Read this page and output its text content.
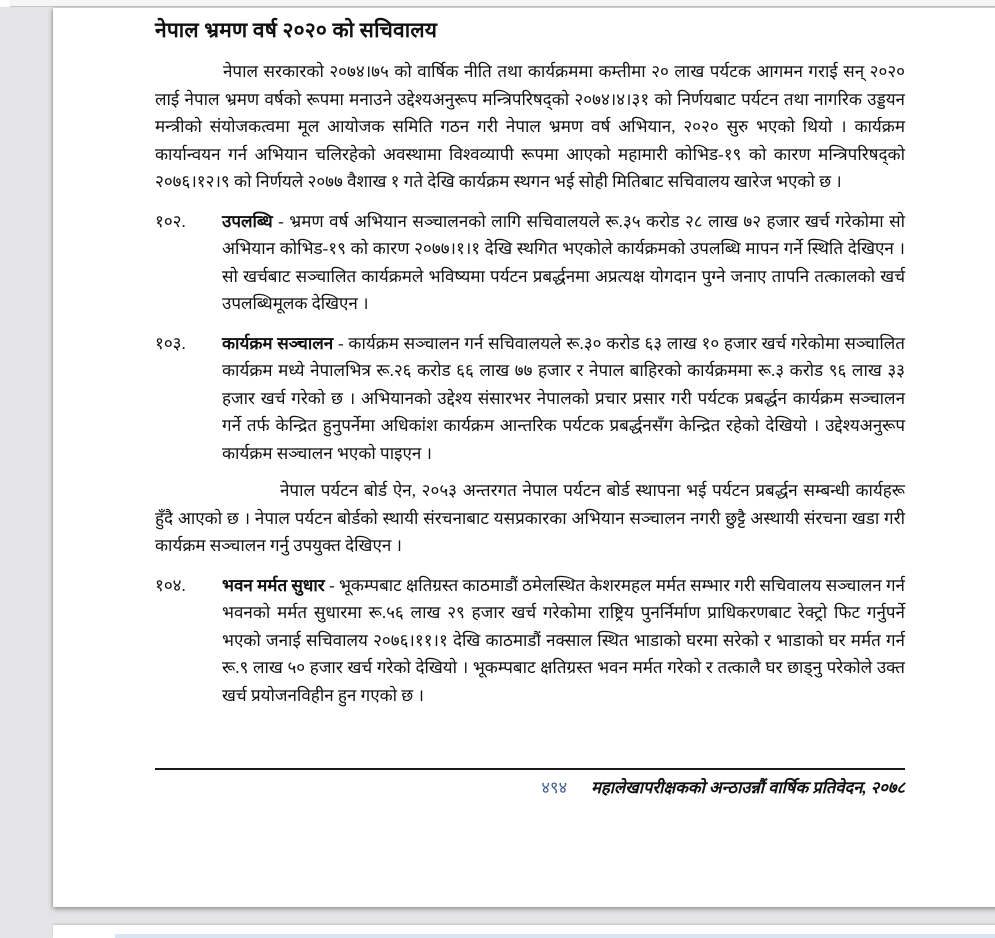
नेपाल भ्रमण वर्ष २०२० को सचिवालय

नेपाल सरकारको २०७४।७५ को वार्षिक नीति तथा कार्यक्रममा कम्तीमा २० लाख पर्यटक आगमन गराई सन् २०२० लाई नेपाल भ्रमण वर्षको रूपमा मनाउने उद्देश्यअनुरूप मन्त्रिपरिषद्को २०७४।४।३१ को निर्णयबाट पर्यटन तथा नागरिक उड्डयन मन्त्रीको संयोजकत्वमा मूल आयोजक समिति गठन गरी नेपाल भ्रमण वर्ष अभियान, २०२० सुरु भएको थियो । कार्यक्रम कार्यान्वयन गर्न अभियान चलिरहेको अवस्थामा विश्वव्यापी रूपमा आएको महामारी कोभिड-१९ को कारण मन्त्रिपरिषद्को २०७६।१२।९ को निर्णयले २०७७ वैशाख १ गते देखि कार्यक्रम स्थगन भई सोही मितिबाट सचिवालय खारेज भएको छ ।

१०२. उपलब्धि - भ्रमण वर्ष अभियान सञ्चालनको लागि सचिवालयले रू.३५ करोड २८ लाख ७२ हजार खर्च गरेकोमा सो अभियान कोभिड-१९ को कारण २०७७।१।१ देखि स्थगित भएकोले कार्यक्रमको उपलब्धि मापन गर्ने स्थिति देखिएन । सो खर्चबाट सञ्चालित कार्यक्रमले भविष्यमा पर्यटन प्रबर्द्धनमा अप्रत्यक्ष योगदान पुग्ने जनाए तापनि तत्कालको खर्च उपलब्धिमूलक देखिएन ।
१०३. कार्यक्रम सञ्चालन - कार्यक्रम सञ्चालन गर्न सचिवालयले रू.३० करोड ६३ लाख १० हजार खर्च गरेकोमा सञ्चालित कार्यक्रम मध्ये नेपालभित्र रू.२६ करोड ६६ लाख ७७ हजार र नेपाल बाहिरको कार्यक्रममा रू.३ करोड ९६ लाख ३३ हजार खर्च गरेको छ । अभियानको उद्देश्य संसारभर नेपालको प्रचार प्रसार गरी पर्यटक प्रबर्द्धन कार्यक्रम सञ्चालन गर्ने तर्फ केन्द्रित हुनुपर्नेमा अधिकांश कार्यक्रम आन्तरिक पर्यटक प्रबर्द्धनसँग केन्द्रित रहेको देखियो । उद्देश्यअनुरूप कार्यक्रम सञ्चालन भएको पाइएन ।

नेपाल पर्यटन बोर्ड ऐन, २०५३ अन्तरगत नेपाल पर्यटन बोर्ड स्थापना भई पर्यटन प्रबर्द्धन सम्बन्धी कार्यहरू हुँदै आएको छ । नेपाल पर्यटन बोर्डको स्थायी संरचनाबाट यसप्रकारका अभियान सञ्चालन नगरी छुट्टै अस्थायी संरचना खडा गरी कार्यक्रम सञ्चालन गर्नु उपयुक्त देखिएन ।

१०४. भवन मर्मत सुधार - भूकम्पबाट क्षतिग्रस्त काठमाडौं ठमेलस्थित केशरमहल मर्मत सम्भार गरी सचिवालय सञ्चालन गर्न भवनको मर्मत सुधारमा रू.५६ लाख २९ हजार खर्च गरेकोमा राष्ट्रिय पुनर्निर्माण प्राधिकरणबाट रेक्ट्रो फिट गर्नुपर्ने भएको जनाई सचिवालय २०७६।११।१ देखि काठमाडौं नक्साल स्थित भाडाको घरमा सरेको र भाडाको घर मर्मत गर्न रू.९ लाख ५० हजार खर्च गरेको देखियो । भूकम्पबाट क्षतिग्रस्त भवन मर्मत गरेको र तत्कालै घर छाड्नु परेकोले उक्त खर्च प्रयोजनविहीन हुन गएको छ ।
४९४ महालेखापरीक्षकको अन्ठाउन्नौं वार्षिक प्रतिवेदन, २०७८
